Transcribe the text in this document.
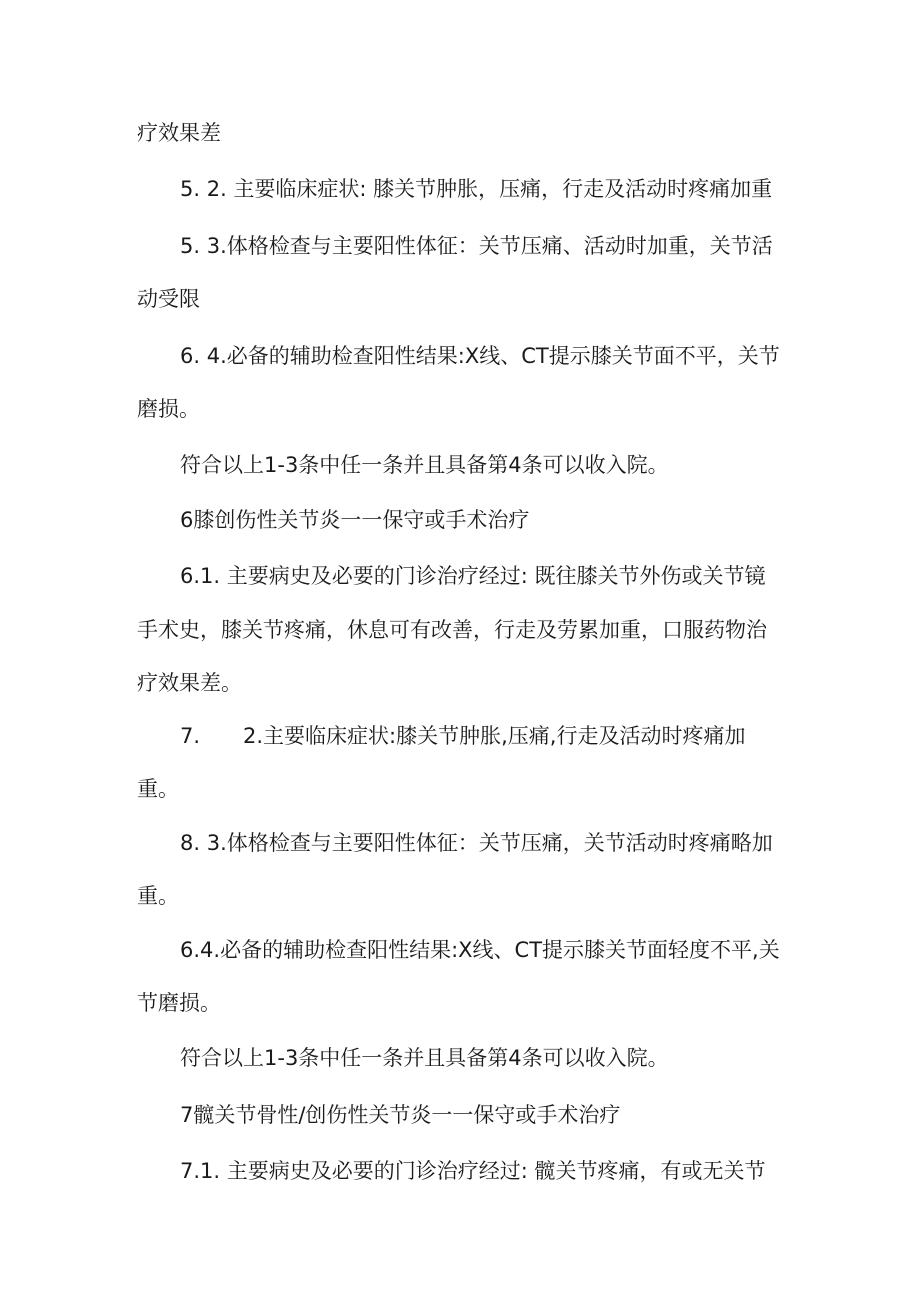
疗效果差
5. 2. 主要临床症状: 膝关节肿胀，压痛，行走及活动时疼痛加重
5. 3.体格检查与主要阳性体征：关节压痛、活动时加重，关节活
动受限
6. 4.必备的辅助检查阳性结果:X线、CT提示膝关节面不平，关节
磨损。
符合以上1-3条中任一条并且具备第4条可以收入院。
6膝创伤性关节炎一一保守或手术治疗
6.1. 主要病史及必要的门诊治疗经过: 既往膝关节外伤或关节镜
手术史，膝关节疼痛，休息可有改善，行走及劳累加重，口服药物治
疗效果差。
7. 2.主要临床症状:膝关节肿胀,压痛,行走及活动时疼痛加
重。
8. 3.体格检查与主要阳性体征：关节压痛，关节活动时疼痛略加
重。
6.4.必备的辅助检查阳性结果:X线、CT提示膝关节面轻度不平,关
节磨损。
符合以上1-3条中任一条并且具备第4条可以收入院。
7髋关节骨性/创伤性关节炎一一保守或手术治疗
7.1. 主要病史及必要的门诊治疗经过: 髋关节疼痛，有或无关节
